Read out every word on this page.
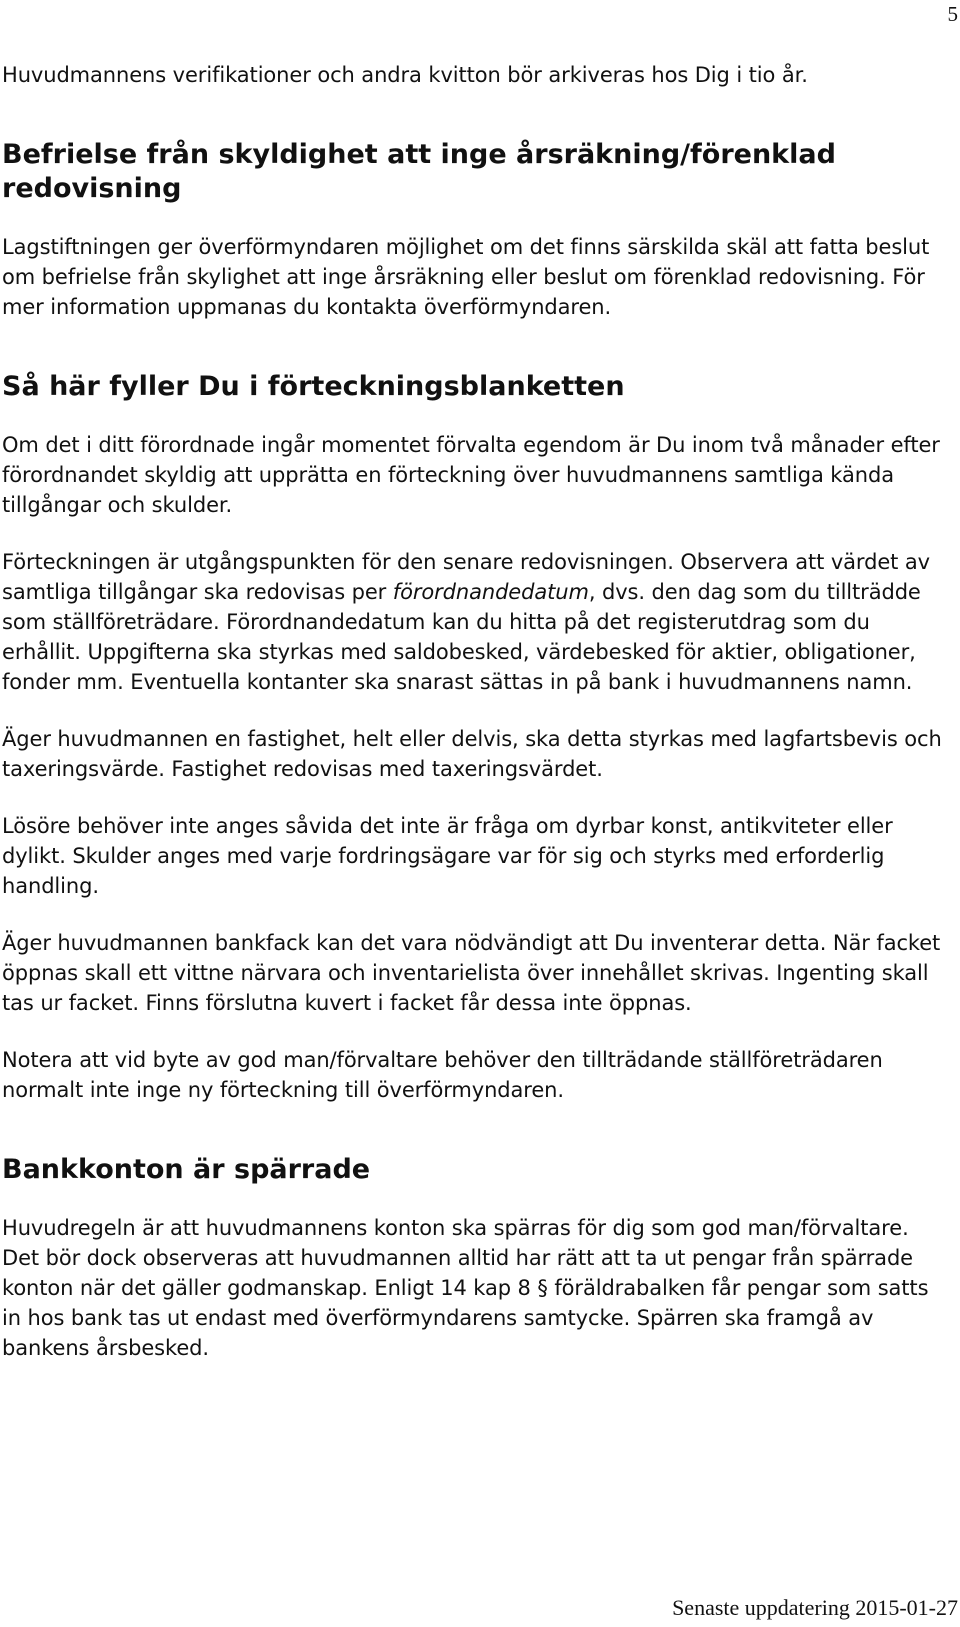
5

Huvudmannens verifikationer och andra kvitton bör arkiveras hos Dig i tio år.

Befrielse från skyldighet att inge årsräkning/förenklad redovisning

Lagstiftningen ger överförmyndaren möjlighet om det finns särskilda skäl att fatta beslut om befrielse från skylighet att inge årsräkning eller beslut om förenklad redovisning. För mer information uppmanas du kontakta överförmyndaren.

Så här fyller Du i förteckningsblanketten

Om det i ditt förordnade ingår momentet förvalta egendom är Du inom två månader efter förordnandet skyldig att upprätta en förteckning över huvudmannens samtliga kända tillgångar och skulder.

Förteckningen är utgångspunkten för den senare redovisningen. Observera att värdet av samtliga tillgångar ska redovisas per förordnandedatum, dvs. den dag som du tillträdde som ställföreträdare. Förordnandedatum kan du hitta på det registerutdrag som du erhållit. Uppgifterna ska styrkas med saldobesked, värdebesked för aktier, obligationer, fonder mm. Eventuella kontanter ska snarast sättas in på bank i huvudmannens namn.

Äger huvudmannen en fastighet, helt eller delvis, ska detta styrkas med lagfartsbevis och taxeringsvärde. Fastighet redovisas med taxeringsvärdet.

Lösöre behöver inte anges såvida det inte är fråga om dyrbar konst, antikviteter eller dylikt. Skulder anges med varje fordringsägare var för sig och styrks med erforderlig handling.

Äger huvudmannen bankfack kan det vara nödvändigt att Du inventerar detta. När facket öppnas skall ett vittne närvara och inventarielista över innehållet skrivas. Ingenting skall tas ur facket. Finns förslutna kuvert i facket får dessa inte öppnas.

Notera att vid byte av god man/förvaltare behöver den tillträdande ställföreträdaren normalt inte inge ny förteckning till överförmyndaren.

Bankkonton är spärrade

Huvudregeln är att huvudmannens konton ska spärras för dig som god man/förvaltare. Det bör dock observeras att huvudmannen alltid har rätt att ta ut pengar från spärrade konton när det gäller godmanskap. Enligt 14 kap 8 § föräldrabalken får pengar som satts in hos bank tas ut endast med överförmyndarens samtycke. Spärren ska framgå av bankens årsbesked.

Senaste uppdatering 2015-01-27
